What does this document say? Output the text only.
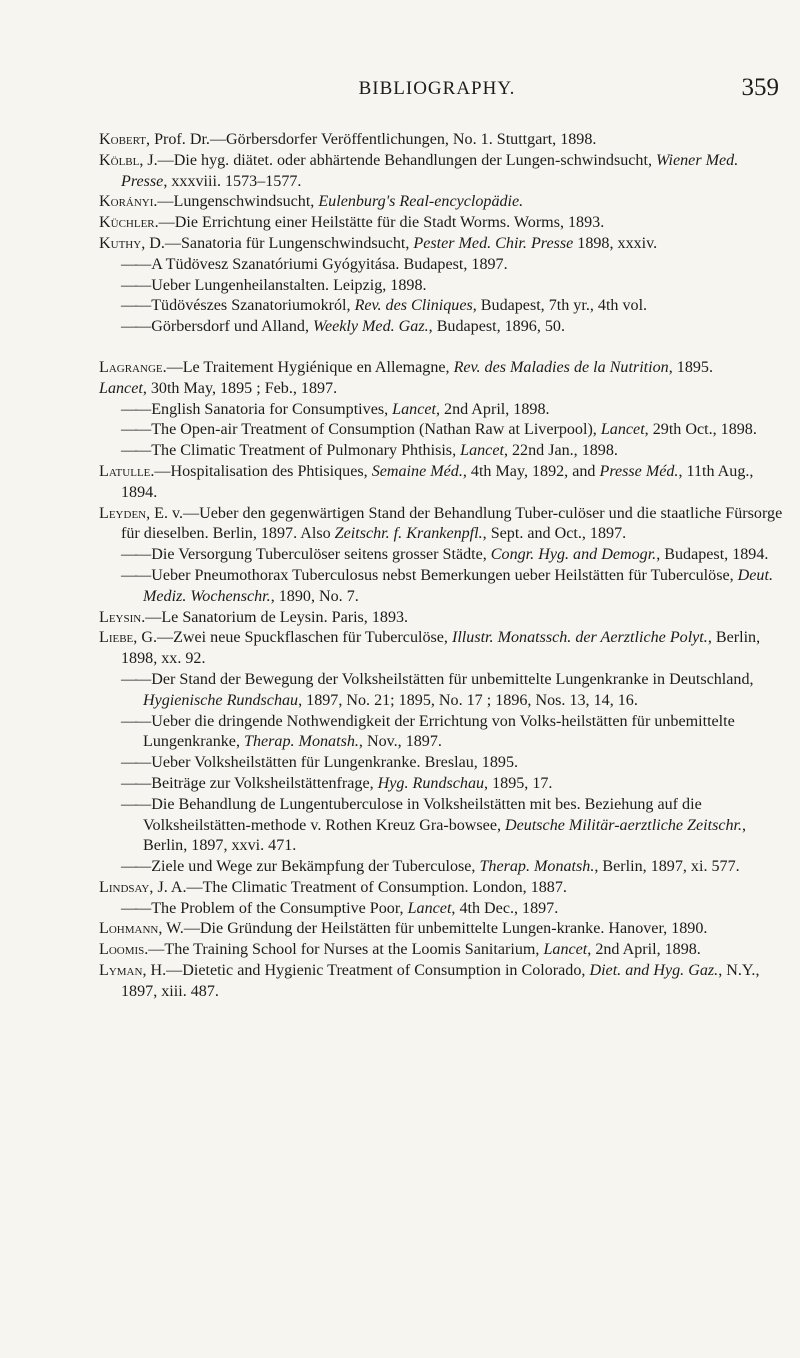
BIBLIOGRAPHY.	359
Kobert, Prof. Dr.—Görbersdorfer Veröffentlichungen, No. 1. Stuttgart, 1898.
Kölbl, J.—Die hyg. diätet. oder abhärtende Behandlungen der Lungen-schwindsucht, Wiener Med. Presse, xxxviii. 1573–1577.
Korányi.—Lungenschwindsucht, Eulenburg's Real-encyclopädie.
Küchler.—Die Errichtung einer Heilstätte für die Stadt Worms. Worms, 1893.
Kuthy, D.—Sanatoria für Lungenschwindsucht, Pester Med. Chir. Presse 1898, xxxiv.
—— A Tüdövesz Szanatóriumi Gyógyitása. Budapest, 1897.
—— Ueber Lungenheilanstalten. Leipzig, 1898.
—— Tüdövészes Szanatoriumokról, Rev. des Cliniques, Budapest, 7th yr., 4th vol.
—— Görbersdorf und Alland, Weekly Med. Gaz., Budapest, 1896, 50.
Lagrange.—Le Traitement Hygiénique en Allemagne, Rev. des Maladies de la Nutrition, 1895.
Lancet, 30th May, 1895 ; Feb., 1897.
—— English Sanatoria for Consumptives, Lancet, 2nd April, 1898.
—— The Open-air Treatment of Consumption (Nathan Raw at Liverpool), Lancet, 29th Oct., 1898.
—— The Climatic Treatment of Pulmonary Phthisis, Lancet, 22nd Jan., 1898.
Latulle.—Hospitalisation des Phtisiques, Semaine Méd., 4th May, 1892, and Presse Méd., 11th Aug., 1894.
Leyden, E. v.—Ueber den gegenwärtigen Stand der Behandlung Tuber-culöser und die staatliche Fürsorge für dieselben. Berlin, 1897. Also Zeitschr. f. Krankenpfl., Sept. and Oct., 1897.
—— Die Versorgung Tuberculöser seitens grosser Städte, Congr. Hyg. and Demogr., Budapest, 1894.
—— Ueber Pneumothorax Tuberculosus nebst Bemerkungen ueber Heilstätten für Tuberculöse, Deut. Mediz. Wochenschr., 1890, No. 7.
Leysin.—Le Sanatorium de Leysin. Paris, 1893.
Liebe, G.—Zwei neue Spuckflaschen für Tuberculöse, Illustr. Monatssch. der Aerztliche Polyt., Berlin, 1898, xx. 92.
—— Der Stand der Bewegung der Volksheilstätten für unbemittelte Lungenkranke in Deutschland, Hygienische Rundschau, 1897, No. 21; 1895, No. 17 ; 1896, Nos. 13, 14, 16.
—— Ueber die dringende Nothwendigkeit der Errichtung von Volks-heilstätten für unbemittelte Lungenkranke, Therap. Monatsh., Nov., 1897.
—— Ueber Volksheilstätten für Lungenkranke. Breslau, 1895.
—— Beiträge zur Volksheilstättenfrage, Hyg. Rundschau, 1895, 17.
—— Die Behandlung de Lungentuberculose in Volksheilstätten mit bes. Beziehung auf die Volksheilstätten-methode v. Rothen Kreuz Gra-bowsee, Deutsche Militär-aerztliche Zeitschr., Berlin, 1897, xxvi. 471.
—— Ziele und Wege zur Bekämpfung der Tuberculose, Therap. Monatsh., Berlin, 1897, xi. 577.
Lindsay, J. A.—The Climatic Treatment of Consumption. London, 1887.
—— The Problem of the Consumptive Poor, Lancet, 4th Dec., 1897.
Lohmann, W.—Die Gründung der Heilstätten für unbemittelte Lungen-kranke. Hanover, 1890.
Loomis.—The Training School for Nurses at the Loomis Sanitarium, Lancet, 2nd April, 1898.
Lyman, H.—Dietetic and Hygienic Treatment of Consumption in Colorado, Diet. and Hyg. Gaz., N.Y., 1897, xiii. 487.
